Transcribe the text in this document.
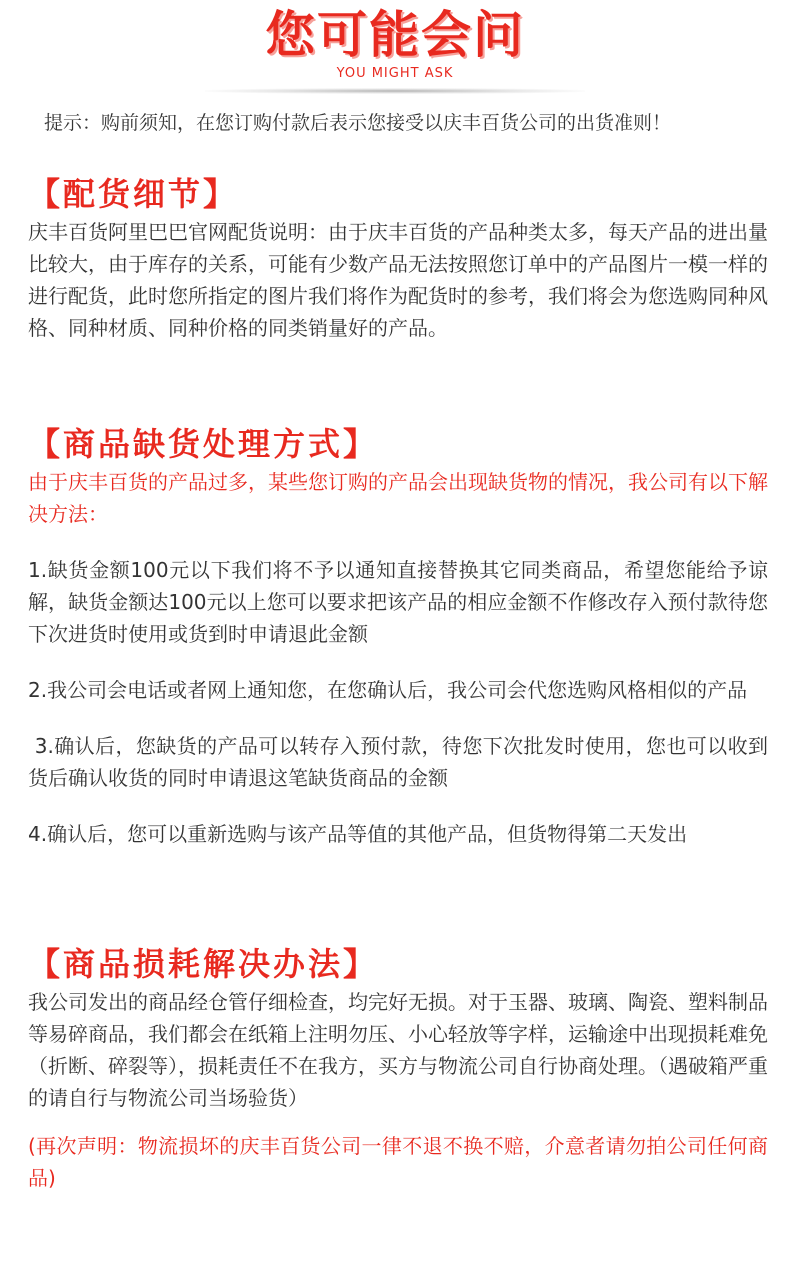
您可能会问
YOU MIGHT ASK
提示：购前须知，在您订购付款后表示您接受以庆丰百货公司的出货准则！
【配货细节】

庆丰百货阿里巴巴官网配货说明：由于庆丰百货的产品种类太多，每天产品的进出量比较大，由于库存的关系，可能有少数产品无法按照您订单中的产品图片一模一样的进行配货，此时您所指定的图片我们将作为配货时的参考，我们将会为您选购同种风格、同种材质、同种价格的同类销量好的产品。

【商品缺货处理方式】

由于庆丰百货的产品过多，某些您订购的产品会出现缺货物的情况，我公司有以下解决方法：

1.缺货金额100元以下我们将不予以通知直接替换其它同类商品，希望您能给予谅解，缺货金额达100元以上您可以要求把该产品的相应金额不作修改存入预付款待您下次进货时使用或货到时申请退此金额

2.我公司会电话或者网上通知您，在您确认后，我公司会代您选购风格相似的产品

3.确认后，您缺货的产品可以转存入预付款，待您下次批发时使用，您也可以收到货后确认收货的同时申请退这笔缺货商品的金额

4.确认后，您可以重新选购与该产品等值的其他产品，但货物得第二天发出

【商品损耗解决办法】

我公司发出的商品经仓管仔细检查，均完好无损。对于玉器、玻璃、陶瓷、塑料制品等易碎商品，我们都会在纸箱上注明勿压、小心轻放等字样，运输途中出现损耗难免（折断、碎裂等），损耗责任不在我方，买方与物流公司自行协商处理。（遇破箱严重的请自行与物流公司当场验货）

(再次声明：物流损坏的庆丰百货公司一律不退不换不赔，介意者请勿拍公司任何商品)
